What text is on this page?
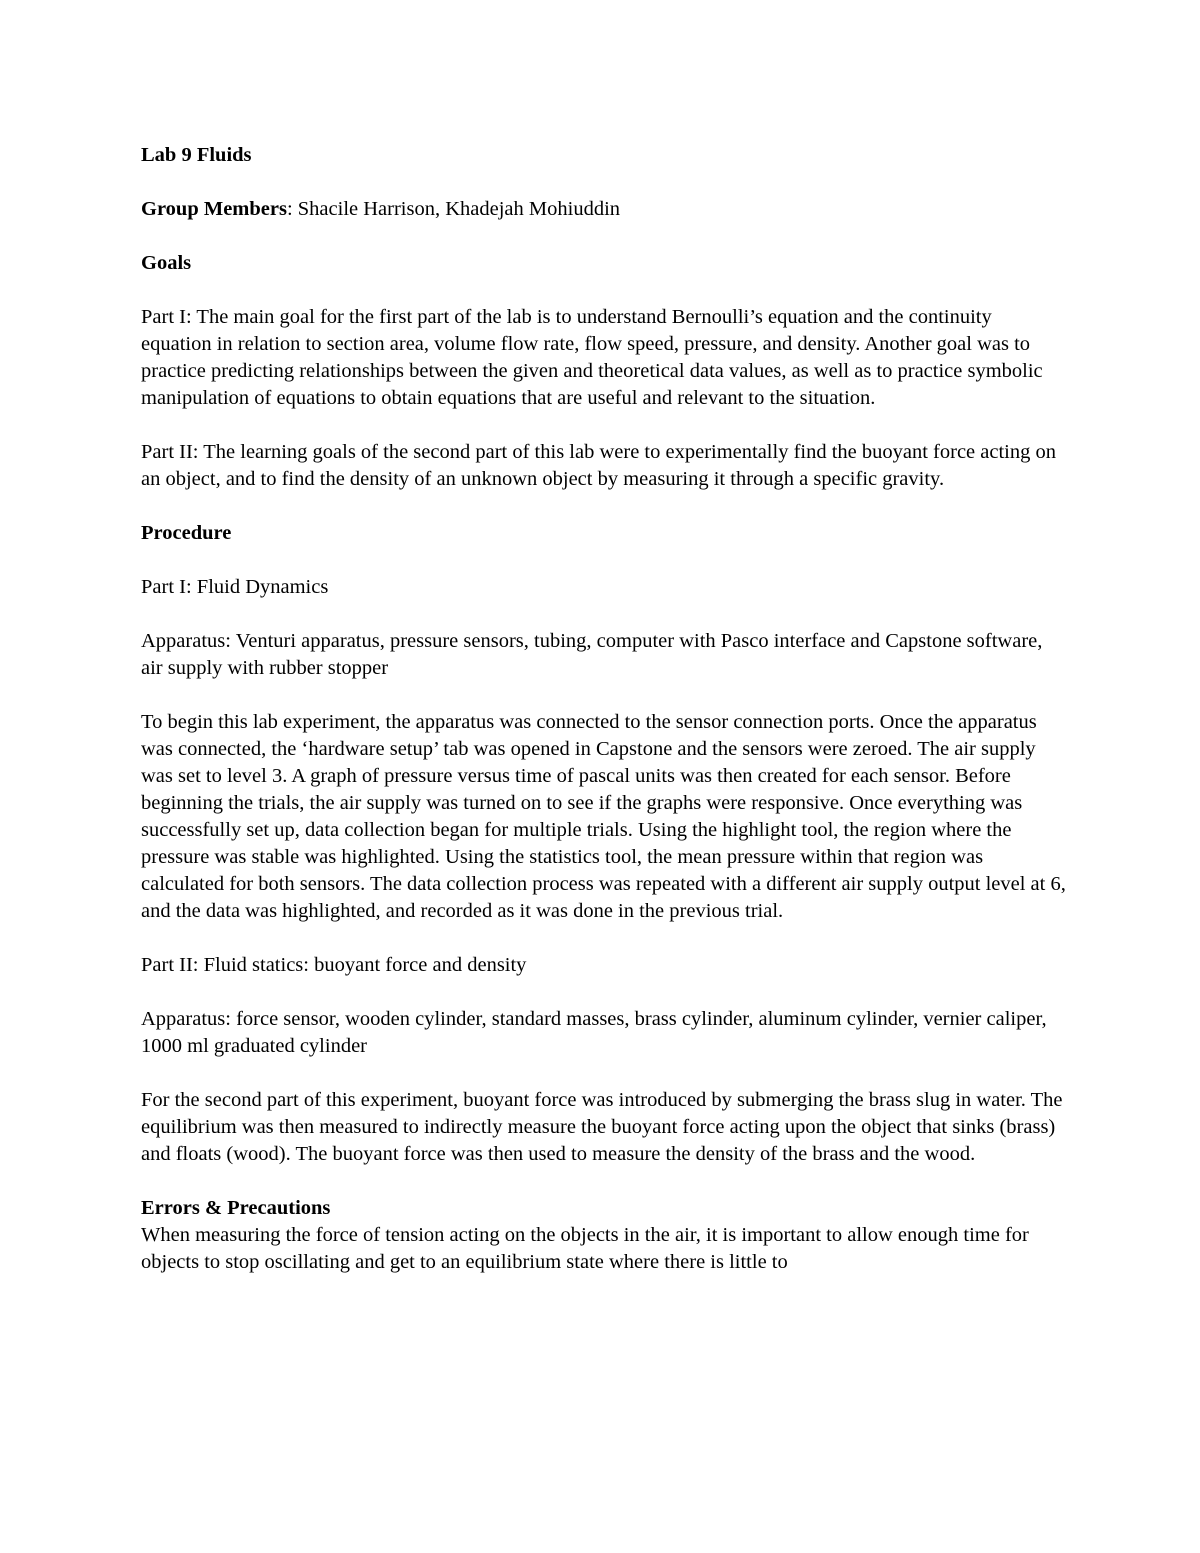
Lab 9 Fluids

Group Members: Shacile Harrison, Khadejah Mohiuddin

Goals

Part I: The main goal for the first part of the lab is to understand Bernoulli’s equation and the continuity equation in relation to section area, volume flow rate, flow speed, pressure, and density. Another goal was to practice predicting relationships between the given and theoretical data values, as well as to practice symbolic manipulation of equations to obtain equations that are useful and relevant to the situation.

Part II: The learning goals of the second part of this lab were to experimentally find the buoyant force acting on an object, and to find the density of an unknown object by measuring it through a specific gravity.

Procedure

Part I: Fluid Dynamics

Apparatus: Venturi apparatus, pressure sensors, tubing, computer with Pasco interface and Capstone software, air supply with rubber stopper

To begin this lab experiment, the apparatus was connected to the sensor connection ports. Once the apparatus was connected, the ‘hardware setup’ tab was opened in Capstone and the sensors were zeroed. The air supply was set to level 3. A graph of pressure versus time of pascal units was then created for each sensor. Before beginning the trials, the air supply was turned on to see if the graphs were responsive. Once everything was successfully set up, data collection began for multiple trials. Using the highlight tool, the region where the pressure was stable was highlighted. Using the statistics tool, the mean pressure within that region was calculated for both sensors. The data collection process was repeated with a different air supply output level at 6, and the data was highlighted, and recorded as it was done in the previous trial.

Part II: Fluid statics: buoyant force and density

Apparatus: force sensor, wooden cylinder, standard masses, brass cylinder, aluminum cylinder, vernier caliper, 1000 ml graduated cylinder

For the second part of this experiment, buoyant force was introduced by submerging the brass slug in water. The equilibrium was then measured to indirectly measure the buoyant force acting upon the object that sinks (brass) and floats (wood). The buoyant force was then used to measure the density of the brass and the wood.

Errors & Precautions

When measuring the force of tension acting on the objects in the air, it is important to allow enough time for objects to stop oscillating and get to an equilibrium state where there is little to
